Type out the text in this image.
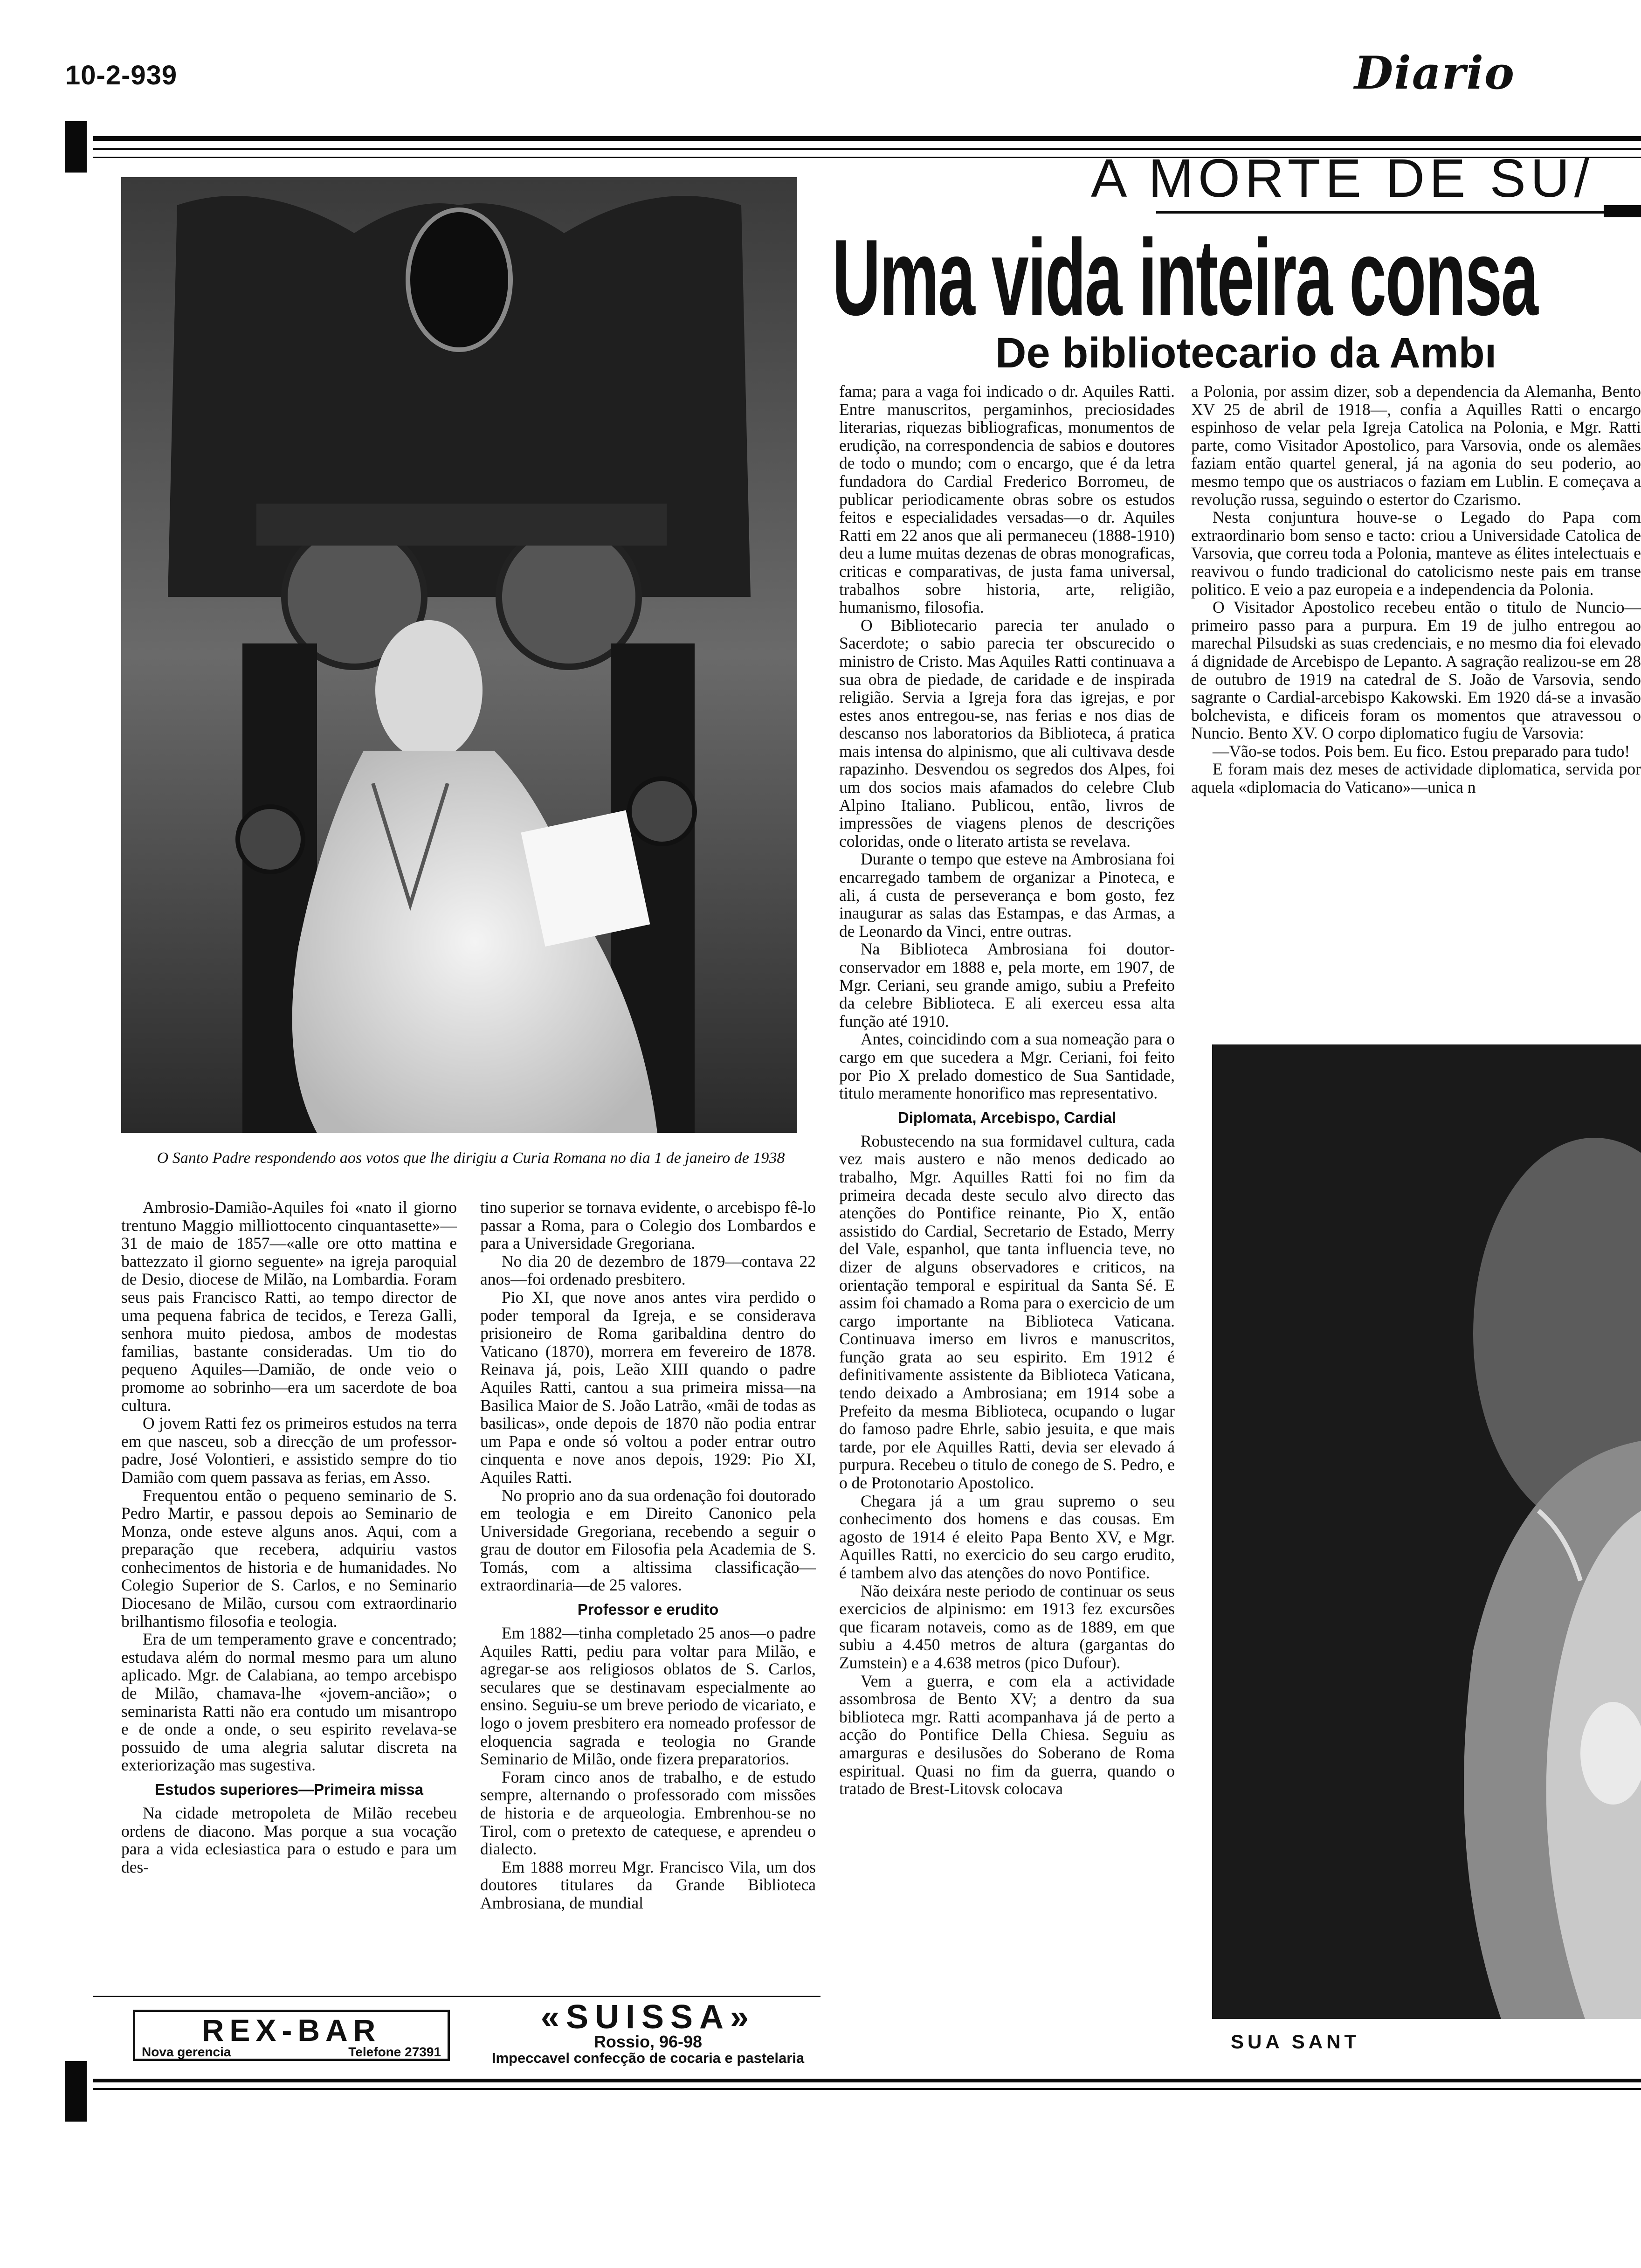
10-2-939	Diario
O Santo Padre respondendo aos votos que lhe dirigiu a Curia Romana no dia 1 de janeiro de 1938
A MORTE DE SU/
Uma vida inteira consa
De bibliotecario da Ambı

Ambrosio-Damião-Aquiles foi «nato il giorno trentuno Maggio milliottocento cinquantasette»—31 de maio de 1857—«alle ore otto mattina e battezzato il giorno seguente» na igreja paroquial de Desio, diocese de Milão, na Lombardia. Foram seus pais Francisco Ratti, ao tempo director de uma pequena fabrica de tecidos, e Tereza Galli, senhora muito piedosa, ambos de modestas familias, bastante consideradas. Um tio do pequeno Aquiles—Damião, de onde veio o promome ao sobrinho—era um sacerdote de boa cultura.

O jovem Ratti fez os primeiros estudos na terra em que nasceu, sob a direcção de um professor-padre, José Volontieri, e assistido sempre do tio Damião com quem passava as ferias, em Asso.

Frequentou então o pequeno seminario de S. Pedro Martir, e passou depois ao Seminario de Monza, onde esteve alguns anos. Aqui, com a preparação que recebera, adquiriu vastos conhecimentos de historia e de humanidades. No Colegio Superior de S. Carlos, e no Seminario Diocesano de Milão, cursou com extraordinario brilhantismo filosofia e teologia.

Era de um temperamento grave e concentrado; estudava além do normal mesmo para um aluno aplicado. Mgr. de Calabiana, ao tempo arcebispo de Milão, chamava-lhe «jovem-ancião»; o seminarista Ratti não era contudo um misantropo e de onde a onde, o seu espirito revelava-se possuido de uma alegria salutar discreta na exteriorização mas sugestiva.

Estudos superiores—Primeira missa

Na cidade metropoleta de Milão recebeu ordens de diacono. Mas porque a sua vocação para a vida eclesiastica para o estudo e para um des-

tino superior se tornava evidente, o arcebispo fê-lo passar a Roma, para o Colegio dos Lombardos e para a Universidade Gregoriana.

No dia 20 de dezembro de 1879—contava 22 anos—foi ordenado presbitero.

Pio XI, que nove anos antes vira perdido o poder temporal da Igreja, e se considerava prisioneiro de Roma garibaldina dentro do Vaticano (1870), morrera em fevereiro de 1878. Reinava já, pois, Leão XIII quando o padre Aquiles Ratti, cantou a sua primeira missa—na Basilica Maior de S. João Latrão, «mãi de todas as basilicas», onde depois de 1870 não podia entrar um Papa e onde só voltou a poder entrar outro cinquenta e nove anos depois, 1929: Pio XI, Aquiles Ratti.

No proprio ano da sua ordenação foi doutorado em teologia e em Direito Canonico pela Universidade Gregoriana, recebendo a seguir o grau de doutor em Filosofia pela Academia de S. Tomás, com a altissima classificação—extraordinaria—de 25 valores.

Professor e erudito

Em 1882—tinha completado 25 anos—o padre Aquiles Ratti, pediu para voltar para Milão, e agregar-se aos religiosos oblatos de S. Carlos, seculares que se destinavam especialmente ao ensino. Seguiu-se um breve periodo de vicariato, e logo o jovem presbitero era nomeado professor de eloquencia sagrada e teologia no Grande Seminario de Milão, onde fizera preparatorios.

Foram cinco anos de trabalho, e de estudo sempre, alternando o professorado com missões de historia e de arqueologia. Embrenhou-se no Tirol, com o pretexto de catequese, e aprendeu o dialecto.

Em 1888 morreu Mgr. Francisco Vila, um dos doutores titulares da Grande Biblioteca Ambrosiana, de mundial

fama; para a vaga foi indicado o dr. Aquiles Ratti. Entre manuscritos, pergaminhos, preciosidades literarias, riquezas bibliograficas, monumentos de erudição, na correspondencia de sabios e doutores de todo o mundo; com o encargo, que é da letra fundadora do Cardial Frederico Borromeu, de publicar periodicamente obras sobre os estudos feitos e especialidades versadas—o dr. Aquiles Ratti em 22 anos que ali permaneceu (1888-1910) deu a lume muitas dezenas de obras monograficas, criticas e comparativas, de justa fama universal, trabalhos sobre historia, arte, religião, humanismo, filosofia.

O Bibliotecario parecia ter anulado o Sacerdote; o sabio parecia ter obscurecido o ministro de Cristo. Mas Aquiles Ratti continuava a sua obra de piedade, de caridade e de inspirada religião. Servia a Igreja fora das igrejas, e por estes anos entregou-se, nas ferias e nos dias de descanso nos laboratorios da Biblioteca, á pratica mais intensa do alpinismo, que ali cultivava desde rapazinho. Desvendou os segredos dos Alpes, foi um dos socios mais afamados do celebre Club Alpino Italiano. Publicou, então, livros de impressões de viagens plenos de descrições coloridas, onde o literato artista se revelava.

Durante o tempo que esteve na Ambrosiana foi encarregado tambem de organizar a Pinoteca, e ali, á custa de perseverança e bom gosto, fez inaugurar as salas das Estampas, e das Armas, a de Leonardo da Vinci, entre outras.

Na Biblioteca Ambrosiana foi doutor-conservador em 1888 e, pela morte, em 1907, de Mgr. Ceriani, seu grande amigo, subiu a Prefeito da celebre Biblioteca. E ali exerceu essa alta função até 1910.

Antes, coincidindo com a sua nomeação para o cargo em que sucedera a Mgr. Ceriani, foi feito por Pio X prelado domestico de Sua Santidade, titulo meramente honorifico mas representativo.

Diplomata, Arcebispo, Cardial

Robustecendo na sua formidavel cultura, cada vez mais austero e não menos dedicado ao trabalho, Mgr. Aquilles Ratti foi no fim da primeira decada deste seculo alvo directo das atenções do Pontifice reinante, Pio X, então assistido do Cardial, Secretario de Estado, Merry del Vale, espanhol, que tanta influencia teve, no dizer de alguns observadores e criticos, na orientação temporal e espiritual da Santa Sé. E assim foi chamado a Roma para o exercicio de um cargo importante na Biblioteca Vaticana. Continuava imerso em livros e manuscritos, função grata ao seu espirito. Em 1912 é definitivamente assistente da Biblioteca Vaticana, tendo deixado a Ambrosiana; em 1914 sobe a Prefeito da mesma Biblioteca, ocupando o lugar do famoso padre Ehrle, sabio jesuita, e que mais tarde, por ele Aquilles Ratti, devia ser elevado á purpura. Recebeu o titulo de conego de S. Pedro, e o de Protonotario Apostolico.

Chegara já a um grau supremo o seu conhecimento dos homens e das cousas. Em agosto de 1914 é eleito Papa Bento XV, e Mgr. Aquilles Ratti, no exercicio do seu cargo erudito, é tambem alvo das atenções do novo Pontifice.

Não deixára neste periodo de continuar os seus exercicios de alpinismo: em 1913 fez excursões que ficaram notaveis, como as de 1889, em que subiu a 4.450 metros de altura (gargantas do Zumstein) e a 4.638 metros (pico Dufour).

Vem a guerra, e com ela a actividade assombrosa de Bento XV; a dentro da sua biblioteca mgr. Ratti acompanhava já de perto a acção do Pontifice Della Chiesa. Seguiu as amarguras e desilusões do Soberano de Roma espiritual. Quasi no fim da guerra, quando o tratado de Brest-Litovsk colocava

a Polonia, por assim dizer, sob a dependencia da Alemanha, Bento XV 25 de abril de 1918—, confia a Aquilles Ratti o encargo espinhoso de velar pela Igreja Catolica na Polonia, e Mgr. Ratti parte, como Visitador Apostolico, para Varsovia, onde os alemães faziam então quartel general, já na agonia do seu poderio, ao mesmo tempo que os austriacos o faziam em Lublin. E começava a revolução russa, seguindo o estertor do Czarismo.

Nesta conjuntura houve-se o Legado do Papa com extraordinario bom senso e tacto: criou a Universidade Catolica de Varsovia, que correu toda a Polonia, manteve as élites intelectuais e reavivou o fundo tradicional do catolicismo neste pais em transe politico. E veio a paz europeia e a independencia da Polonia.

O Visitador Apostolico recebeu então o titulo de Nuncio—primeiro passo para a purpura. Em 19 de julho entregou ao marechal Pilsudski as suas credenciais, e no mesmo dia foi elevado á dignidade de Arcebispo de Lepanto. A sagração realizou-se em 28 de outubro de 1919 na catedral de S. João de Varsovia, sendo sagrante o Cardial-arcebispo Kakowski. Em 1920 dá-se a invasão bolchevista, e dificeis foram os momentos que atravessou o Nuncio. Bento XV. O corpo diplomatico fugiu de Varsovia:

—Vão-se todos. Pois bem. Eu fico. Estou preparado para tudo!

E foram mais dez meses de actividade diplomatica, servida por aquela «diplomacia do Vaticano»—unica n

SUA SANT
REX-BAR
Nova gerencia	Telefone 27391
«SUISSA»
Rossio, 96-98
Impeccavel confecção de cocaria e pastelaria
